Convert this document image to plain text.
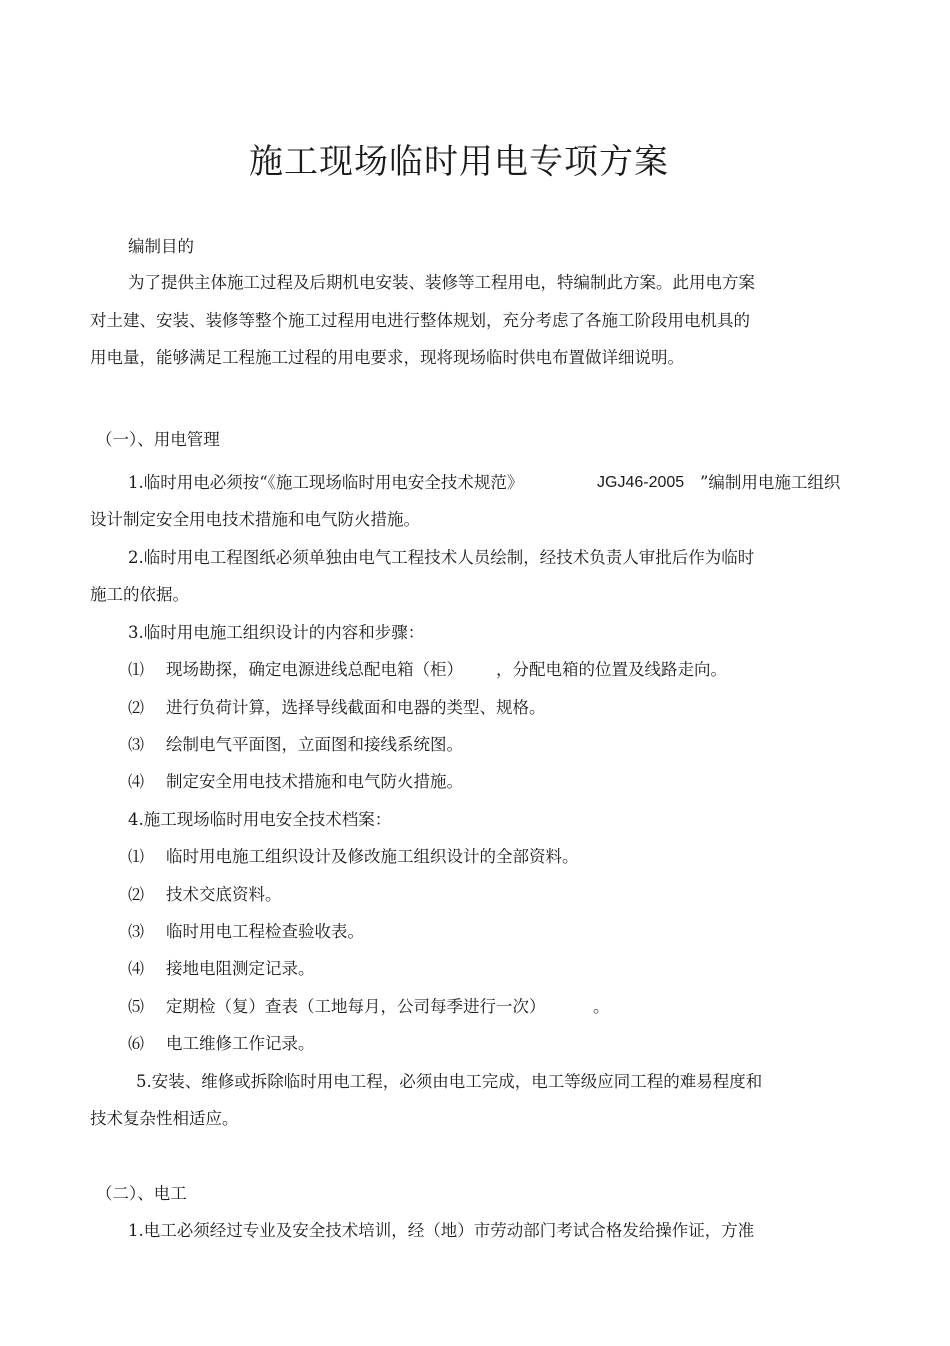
施工现场临时用电专项方案
编制目的
为了提供主体施工过程及后期机电安装、装修等工程用电，特编制此方案。此用电方案
对土建、安装、装修等整个施工过程用电进行整体规划，充分考虑了各施工阶段用电机具的
用电量，能够满足工程施工过程的用电要求，现将现场临时供电布置做详细说明。
（一）、用电管理
1.临时用电必须按“《施工现场临时用电安全技术规范》	JGJ46-2005 ”编制用电施工组织
设计制定安全用电技术措施和电气防火措施。
2.临时用电工程图纸必须单独由电气工程技术人员绘制，经技术负责人审批后作为临时
施工的依据。
3.临时用电施工组织设计的内容和步骤：
⑴ 现场勘探，确定电源进线总配电箱（柜） ，分配电箱的位置及线路走向。
⑵ 进行负荷计算，选择导线截面和电器的类型、规格。
⑶ 绘制电气平面图，立面图和接线系统图。
⑷ 制定安全用电技术措施和电气防火措施。
4.施工现场临时用电安全技术档案：
⑴ 临时用电施工组织设计及修改施工组织设计的全部资料。
⑵ 技术交底资料。
⑶ 临时用电工程检查验收表。
⑷ 接地电阻测定记录。
⑸ 定期检（复）查表（工地每月，公司每季进行一次）	。
⑹ 电工维修工作记录。
5.安装、维修或拆除临时用电工程，必须由电工完成，电工等级应同工程的难易程度和
技术复杂性相适应。
（二）、电工
1.电工必须经过专业及安全技术培训，经（地）市劳动部门考试合格发给操作证，方准
